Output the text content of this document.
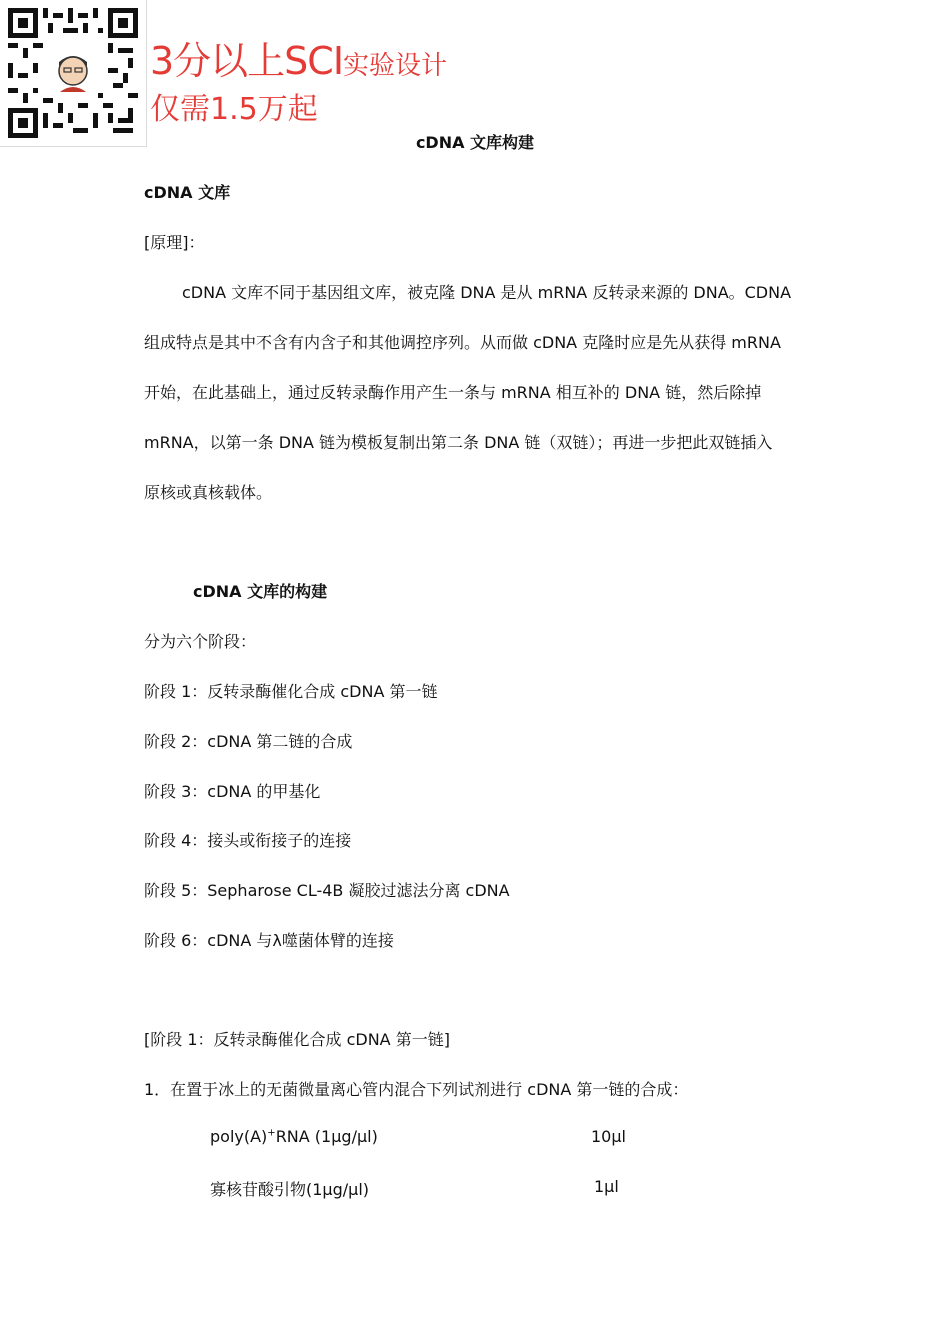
3分以上SCI实验设计
仅需1.5万起
cDNA 文库构建
cDNA 文库
[原理]：
cDNA 文库不同于基因组文库，被克隆 DNA 是从 mRNA 反转录来源的 DNA。CDNA
组成特点是其中不含有内含子和其他调控序列。从而做 cDNA 克隆时应是先从获得 mRNA
开始，在此基础上，通过反转录酶作用产生一条与 mRNA 相互补的 DNA 链，然后除掉
mRNA，以第一条 DNA 链为模板复制出第二条 DNA 链（双链）；再进一步把此双链插入
原核或真核载体。
cDNA 文库的构建
分为六个阶段：
阶段 1：反转录酶催化合成 cDNA 第一链
阶段 2：cDNA 第二链的合成
阶段 3：cDNA 的甲基化
阶段 4：接头或衔接子的连接
阶段 5：Sepharose CL-4B 凝胶过滤法分离 cDNA
阶段 6：cDNA 与λ噬菌体臂的连接
[阶段 1：反转录酶催化合成 cDNA 第一链]
1．在置于冰上的无菌微量离心管内混合下列试剂进行 cDNA 第一链的合成：
poly(A)+RNA (1μg/μl)	10μl
寡核苷酸引物(1μg/μl)	1μl
